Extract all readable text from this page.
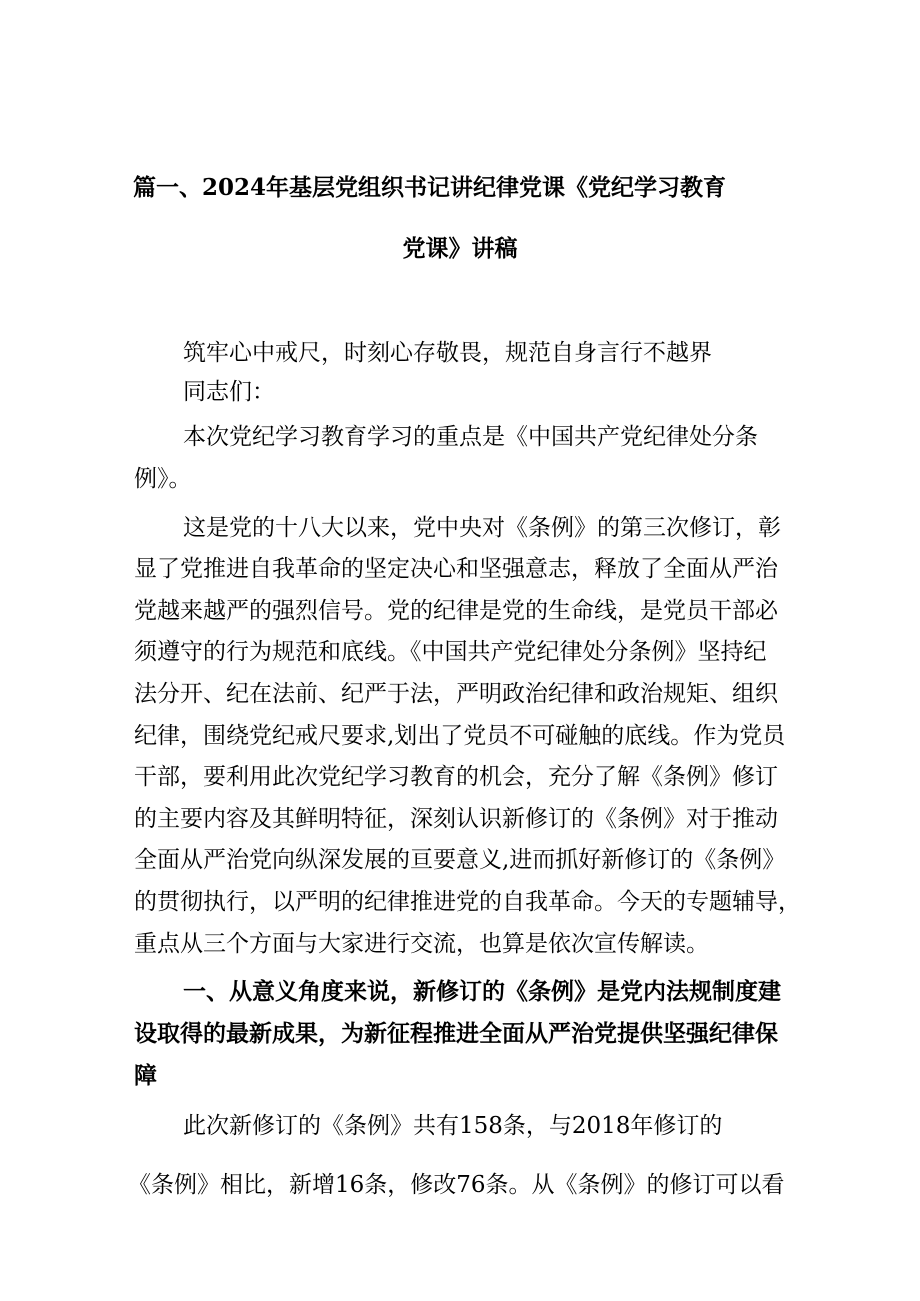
篇一、2024年基层党组织书记讲纪律党课《党纪学习教育
党课》讲稿
筑牢心中戒尺，时刻心存敬畏，规范自身言行不越界
同志们：
本次党纪学习教育学习的重点是《中国共产党纪律处分条
例》。
这是党的十八大以来，党中央对《条例》的第三次修订，彰
显了党推进自我革命的坚定决心和坚强意志，释放了全面从严治
党越来越严的强烈信号。党的纪律是党的生命线，是党员干部必
须遵守的行为规范和底线。《中国共产党纪律处分条例》坚持纪
法分开、纪在法前、纪严于法，严明政治纪律和政治规矩、组织
纪律，围绕党纪戒尺要求,划出了党员不可碰触的底线。作为党员
干部，要利用此次党纪学习教育的机会，充分了解《条例》修订
的主要内容及其鲜明特征，深刻认识新修订的《条例》对于推动
全面从严治党向纵深发展的亘要意义,进而抓好新修订的《条例》
的贯彻执行，以严明的纪律推进党的自我革命。今天的专题辅导，
重点从三个方面与大家进行交流，也算是依次宣传解读。
一、从意义角度来说，新修订的《条例》是党内法规制度建
设取得的最新成果，为新征程推进全面从严治党提供坚强纪律保
障
此次新修订的《条例》共有158条，与2018年修订的
《条例》相比，新增16条，修改76条。从《条例》的修订可以看
